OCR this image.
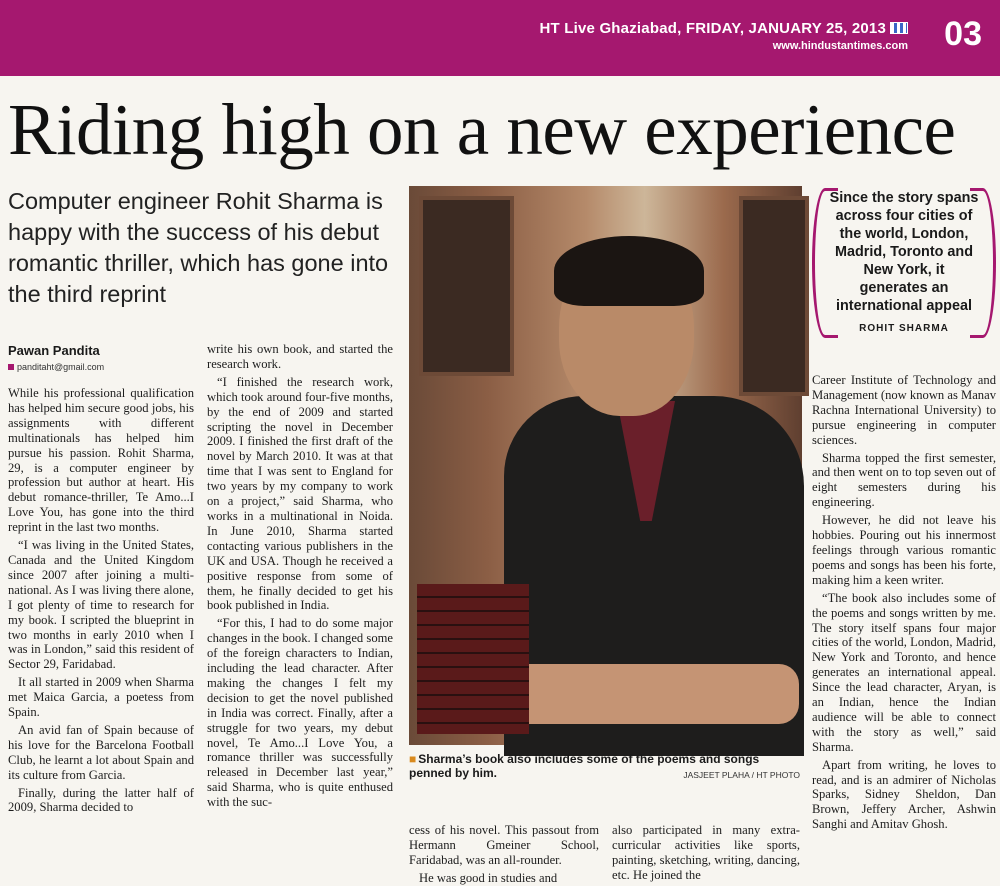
HT Live Ghaziabad, FRIDAY, JANUARY 25, 2013
www.hindustantimes.com 03
Riding high on a new experience
Computer engineer Rohit Sharma is happy with the success of his debut romantic thriller, which has gone into the third reprint
Pawan Pandita
panditaht@gmail.com

While his professional qualification has helped him secure good jobs, his assignments with different multinationals has helped him pursue his passion. Rohit Sharma, 29, is a computer engineer by profession but author at heart. His debut romance-thriller, Te Amo...I Love You, has gone into the third reprint in the last two months.

“I was living in the United States, Canada and the United Kingdom since 2007 after joining a multi-national. As I was living there alone, I got plenty of time to research for my book. I scripted the blueprint in two months in early 2010 when I was in London,” said this resident of Sector 29, Faridabad.

It all started in 2009 when Sharma met Maica Garcia, a poetess from Spain.

An avid fan of Spain because of his love for the Barcelona Football Club, he learnt a lot about Spain and its culture from Garcia.

Finally, during the latter half of 2009, Sharma decided to

write his own book, and started the research work.

“I finished the research work, which took around four-five months, by the end of 2009 and started scripting the novel in December 2009. I finished the first draft of the novel by March 2010. It was at that time that I was sent to England for two years by my company to work on a project,” said Sharma, who works in a multinational in Noida. In June 2010, Sharma started contacting various publishers in the UK and USA. Though he received a positive response from some of them, he finally decided to get his book published in India.

“For this, I had to do some major changes in the book. I changed some of the foreign characters to Indian, including the lead character. After making the changes I felt my decision to get the novel published in India was correct. Finally, after a struggle for two years, my debut novel, Te Amo...I Love You, a romance thriller was successfully released in December last year,” said Sharma, who is quite enthused with the suc-

■ Sharma’s book also includes some of the poems and songs penned by him.	JASJEET PLAHA / HT PHOTO

cess of his novel. This passout from Hermann Gmeiner School, Faridabad, was an all-rounder.

He was good in studies and

also participated in many extra-curricular activities like sports, painting, sketching, writing, dancing, etc. He joined the

Since the story spans across four cities of the world, London, Madrid, Toronto and New York, it generates an international appeal
ROHIT SHARMA

Career Institute of Technology and Management (now known as Manav Rachna International University) to pursue engineering in computer sciences.

Sharma topped the first semester, and then went on to top seven out of eight semesters during his engineering.

However, he did not leave his hobbies. Pouring out his innermost feelings through various romantic poems and songs has been his forte, making him a keen writer.

“The book also includes some of the poems and songs written by me. The story itself spans four major cities of the world, London, Madrid, New York and Toronto, and hence generates an international appeal. Since the lead character, Aryan, is an Indian, hence the Indian audience will be able to connect with the story as well,” said Sharma.

Apart from writing, he loves to read, and is an admirer of Nicholas Sparks, Sidney Sheldon, Dan Brown, Jeffery Archer, Ashwin Sanghi and Amitav Ghosh.
